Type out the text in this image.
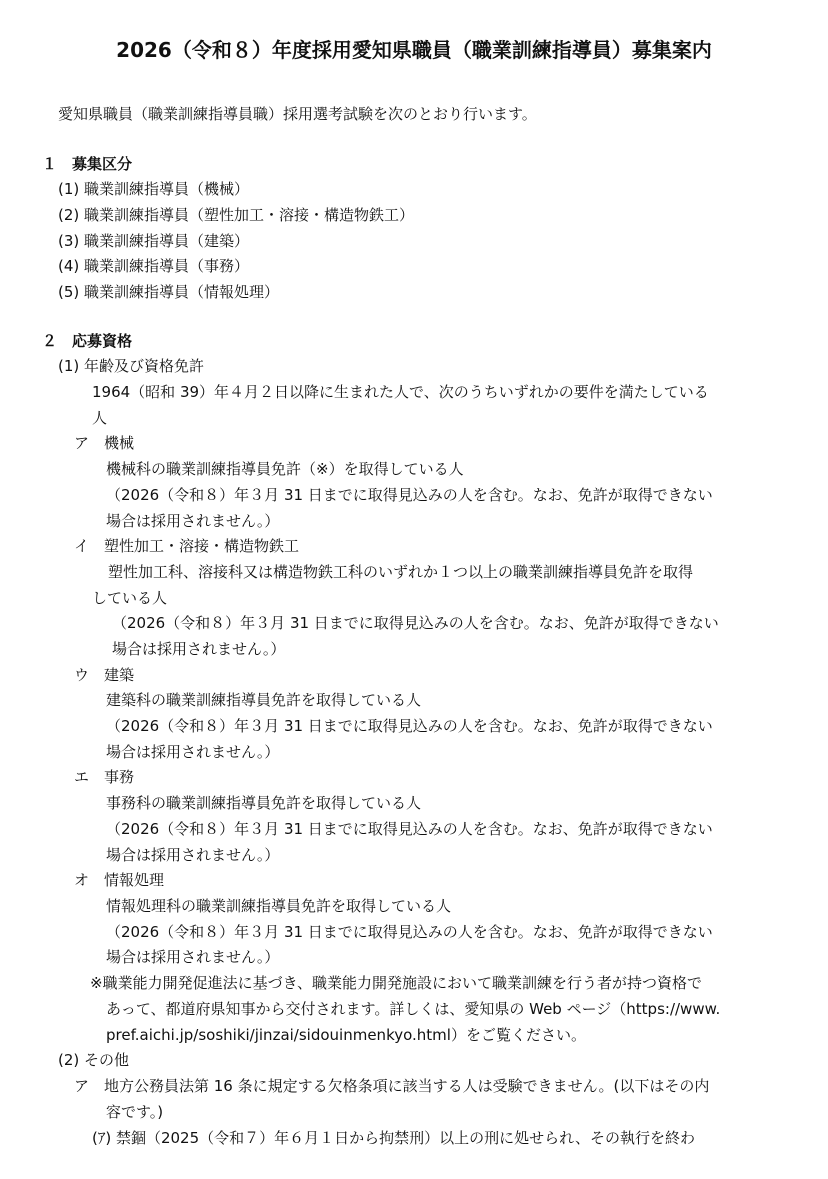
2026（令和８）年度採用愛知県職員（職業訓練指導員）募集案内
愛知県職員（職業訓練指導員職）採用選考試験を次のとおり行います。
１　募集区分
(1) 職業訓練指導員（機械）
(2) 職業訓練指導員（塑性加工・溶接・構造物鉄工）
(3) 職業訓練指導員（建築）
(4) 職業訓練指導員（事務）
(5) 職業訓練指導員（情報処理）
２　応募資格
(1) 年齢及び資格免許
1964（昭和 39）年４月２日以降に生まれた人で、次のうちいずれかの要件を満たしている
人
ア　機械
機械科の職業訓練指導員免許（※）を取得している人
（2026（令和８）年３月 31 日までに取得見込みの人を含む。なお、免許が取得できない
場合は採用されません。）
イ　塑性加工・溶接・構造物鉄工
塑性加工科、溶接科又は構造物鉄工科のいずれか１つ以上の職業訓練指導員免許を取得
している人
（2026（令和８）年３月 31 日までに取得見込みの人を含む。なお、免許が取得できない
場合は採用されません。）
ウ　建築
建築科の職業訓練指導員免許を取得している人
（2026（令和８）年３月 31 日までに取得見込みの人を含む。なお、免許が取得できない
場合は採用されません。）
エ　事務
事務科の職業訓練指導員免許を取得している人
（2026（令和８）年３月 31 日までに取得見込みの人を含む。なお、免許が取得できない
場合は採用されません。）
オ　情報処理
情報処理科の職業訓練指導員免許を取得している人
（2026（令和８）年３月 31 日までに取得見込みの人を含む。なお、免許が取得できない
場合は採用されません。）
※職業能力開発促進法に基づき、職業能力開発施設において職業訓練を行う者が持つ資格で
あって、都道府県知事から交付されます。詳しくは、愛知県の Web ページ（https://www.
pref.aichi.jp/soshiki/jinzai/sidouinmenkyo.html）をご覧ください。
(2) その他
ア　地方公務員法第 16 条に規定する欠格条項に該当する人は受験できません。(以下はその内
容です。)
(ｱ) 禁錮（2025（令和７）年６月１日から拘禁刑）以上の刑に処せられ、その執行を終わ
